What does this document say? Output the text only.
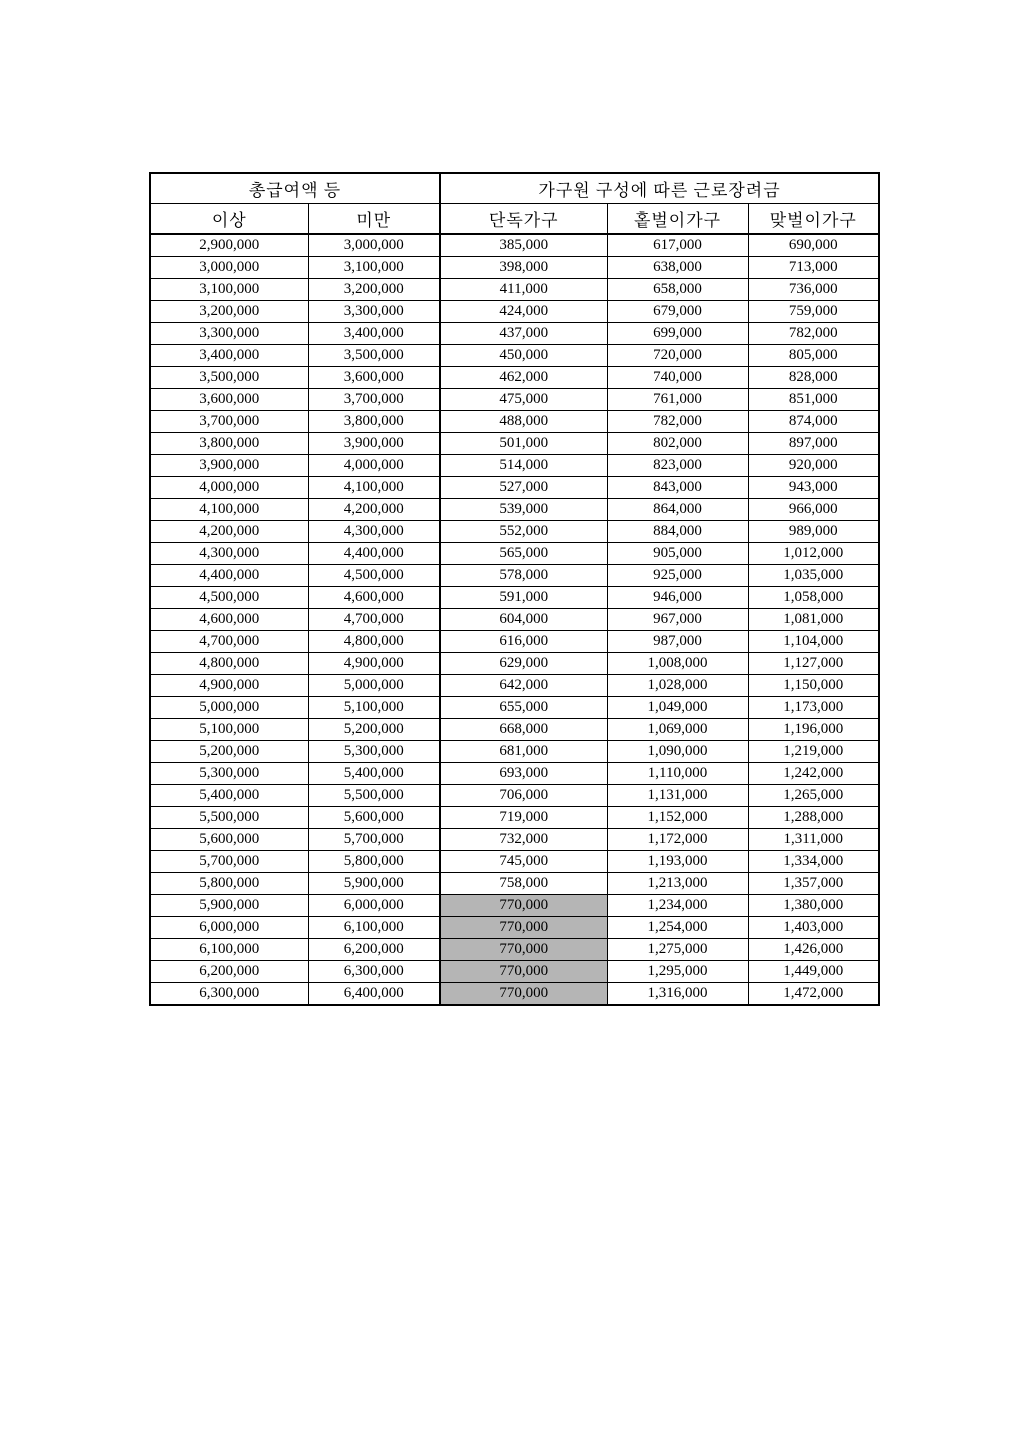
총급여액 등		가구원 구성에 따른 근로장려금		
이상	미만	단독가구	홑벌이가구	맞벌이가구
2,900,000	3,000,000	385,000	617,000	690,000
3,000,000	3,100,000	398,000	638,000	713,000
3,100,000	3,200,000	411,000	658,000	736,000
3,200,000	3,300,000	424,000	679,000	759,000
3,300,000	3,400,000	437,000	699,000	782,000
3,400,000	3,500,000	450,000	720,000	805,000
3,500,000	3,600,000	462,000	740,000	828,000
3,600,000	3,700,000	475,000	761,000	851,000
3,700,000	3,800,000	488,000	782,000	874,000
3,800,000	3,900,000	501,000	802,000	897,000
3,900,000	4,000,000	514,000	823,000	920,000
4,000,000	4,100,000	527,000	843,000	943,000
4,100,000	4,200,000	539,000	864,000	966,000
4,200,000	4,300,000	552,000	884,000	989,000
4,300,000	4,400,000	565,000	905,000	1,012,000
4,400,000	4,500,000	578,000	925,000	1,035,000
4,500,000	4,600,000	591,000	946,000	1,058,000
4,600,000	4,700,000	604,000	967,000	1,081,000
4,700,000	4,800,000	616,000	987,000	1,104,000
4,800,000	4,900,000	629,000	1,008,000	1,127,000
4,900,000	5,000,000	642,000	1,028,000	1,150,000
5,000,000	5,100,000	655,000	1,049,000	1,173,000
5,100,000	5,200,000	668,000	1,069,000	1,196,000
5,200,000	5,300,000	681,000	1,090,000	1,219,000
5,300,000	5,400,000	693,000	1,110,000	1,242,000
5,400,000	5,500,000	706,000	1,131,000	1,265,000
5,500,000	5,600,000	719,000	1,152,000	1,288,000
5,600,000	5,700,000	732,000	1,172,000	1,311,000
5,700,000	5,800,000	745,000	1,193,000	1,334,000
5,800,000	5,900,000	758,000	1,213,000	1,357,000
5,900,000	6,000,000	770,000	1,234,000	1,380,000
6,000,000	6,100,000	770,000	1,254,000	1,403,000
6,100,000	6,200,000	770,000	1,275,000	1,426,000
6,200,000	6,300,000	770,000	1,295,000	1,449,000
6,300,000	6,400,000	770,000	1,316,000	1,472,000
